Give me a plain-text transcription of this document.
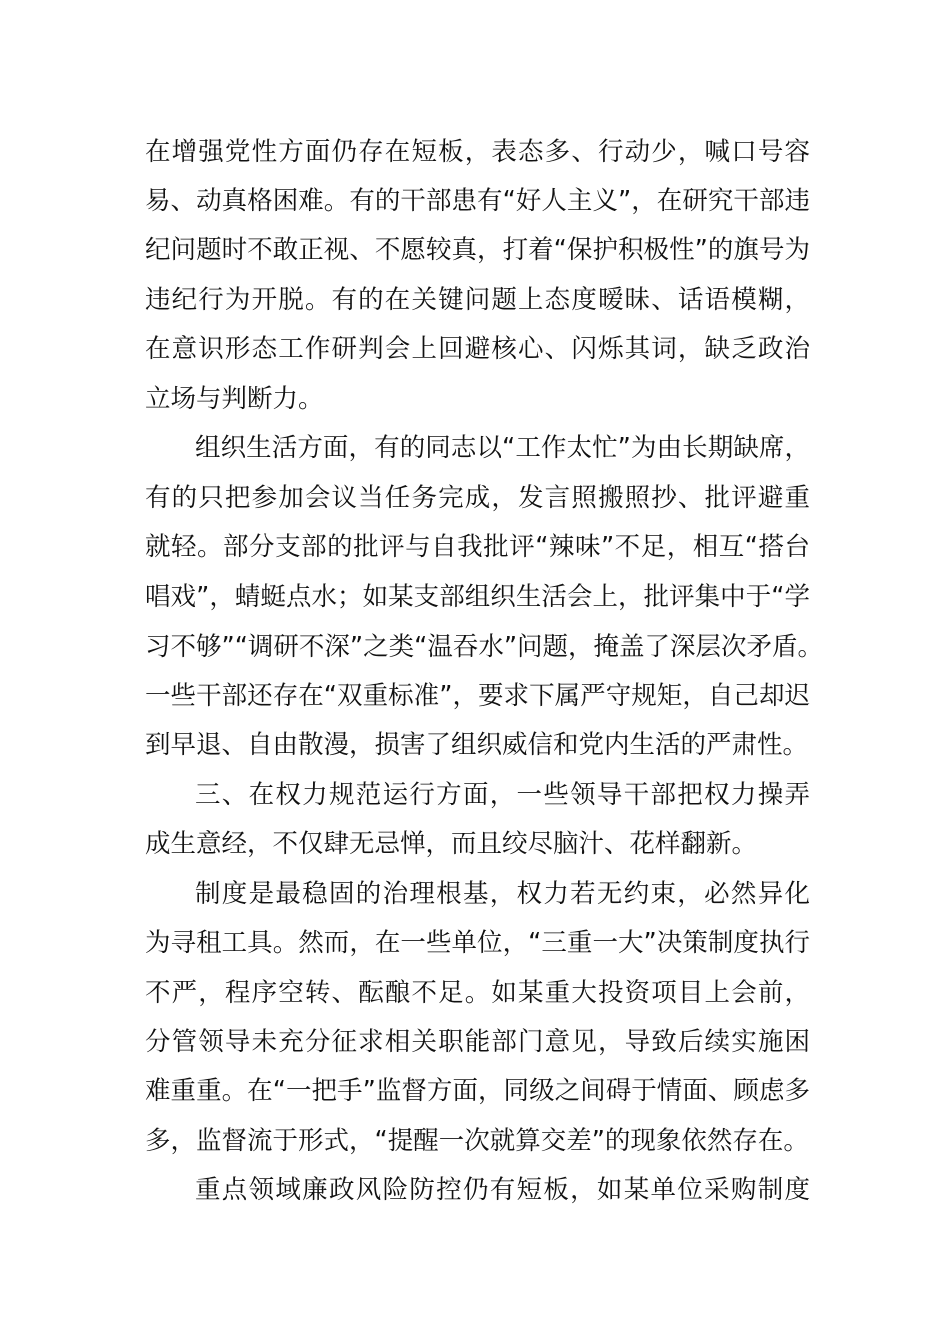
在增强党性方面仍存在短板，表态多、行动少，喊口号容
易、动真格困难。有的干部患有“好人主义”，在研究干部违
纪问题时不敢正视、不愿较真，打着“保护积极性”的旗号为
违纪行为开脱。有的在关键问题上态度暧昧、话语模糊，
在意识形态工作研判会上回避核心、闪烁其词，缺乏政治
立场与判断力。
组织生活方面，有的同志以“工作太忙”为由长期缺席，
有的只把参加会议当任务完成，发言照搬照抄、批评避重
就轻。部分支部的批评与自我批评“辣味”不足，相互“搭台
唱戏”，蜻蜓点水；如某支部组织生活会上，批评集中于“学
习不够”“调研不深”之类“温吞水”问题，掩盖了深层次矛盾。
一些干部还存在“双重标准”，要求下属严守规矩，自己却迟
到早退、自由散漫，损害了组织威信和党内生活的严肃性。
三、在权力规范运行方面，一些领导干部把权力操弄
成生意经，不仅肆无忌惮，而且绞尽脑汁、花样翻新。
制度是最稳固的治理根基，权力若无约束，必然异化
为寻租工具。然而，在一些单位，“三重一大”决策制度执行
不严，程序空转、酝酿不足。如某重大投资项目上会前，
分管领导未充分征求相关职能部门意见，导致后续实施困
难重重。在“一把手”监督方面，同级之间碍于情面、顾虑多
多，监督流于形式，“提醒一次就算交差”的现象依然存在。
重点领域廉政风险防控仍有短板，如某单位采购制度
